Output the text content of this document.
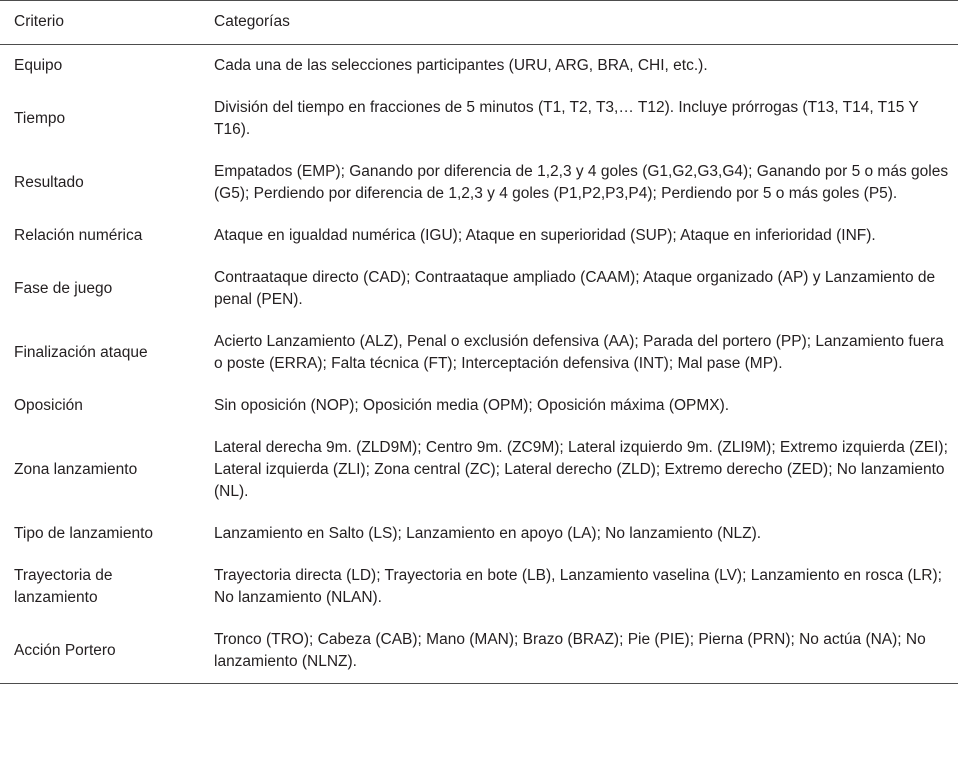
Criterio	Categorías

Equipo	Cada una de las selecciones participantes (URU, ARG, BRA, CHI, etc.).

Tiempo	División del tiempo en fracciones de 5 minutos (T1, T2, T3,… T12). Incluye prórrogas (T13, T14, T15 Y T16).

Resultado	Empatados (EMP); Ganando por diferencia de 1,2,3 y 4 goles (G1,G2,G3,G4); Ganando por 5 o más goles (G5); Perdiendo por diferencia de 1,2,3 y 4 goles (P1,P2,P3,P4); Perdiendo por 5 o más goles (P5).

Relación numérica	Ataque en igualdad numérica (IGU); Ataque en superioridad (SUP); Ataque en inferioridad (INF).

Fase de juego	Contraataque directo (CAD); Contraataque ampliado (CAAM); Ataque organizado (AP) y Lanzamiento de penal (PEN).

Finalización ataque	Acierto Lanzamiento (ALZ), Penal o exclusión defensiva (AA); Parada del portero (PP); Lanzamiento fuera o poste (ERRA); Falta técnica (FT); Interceptación defensiva (INT); Mal pase (MP).

Oposición	Sin oposición (NOP); Oposición media (OPM); Oposición máxima (OPMX).

Zona lanzamiento	Lateral derecha 9m. (ZLD9M); Centro 9m. (ZC9M); Lateral izquierdo 9m. (ZLI9M); Extremo izquierda (ZEI); Lateral izquierda (ZLI); Zona central (ZC); Lateral derecho (ZLD); Extremo derecho (ZED); No lanzamiento (NL).

Tipo de lanzamiento	Lanzamiento en Salto (LS); Lanzamiento en apoyo (LA); No lanzamiento (NLZ).

Trayectoria de lanzamiento	Trayectoria directa (LD); Trayectoria en bote (LB), Lanzamiento vaselina (LV); Lanzamiento en rosca (LR); No lanzamiento (NLAN).

Acción Portero	Tronco (TRO); Cabeza (CAB); Mano (MAN); Brazo (BRAZ); Pie (PIE); Pierna (PRN); No actúa (NA); No lanzamiento (NLNZ).
